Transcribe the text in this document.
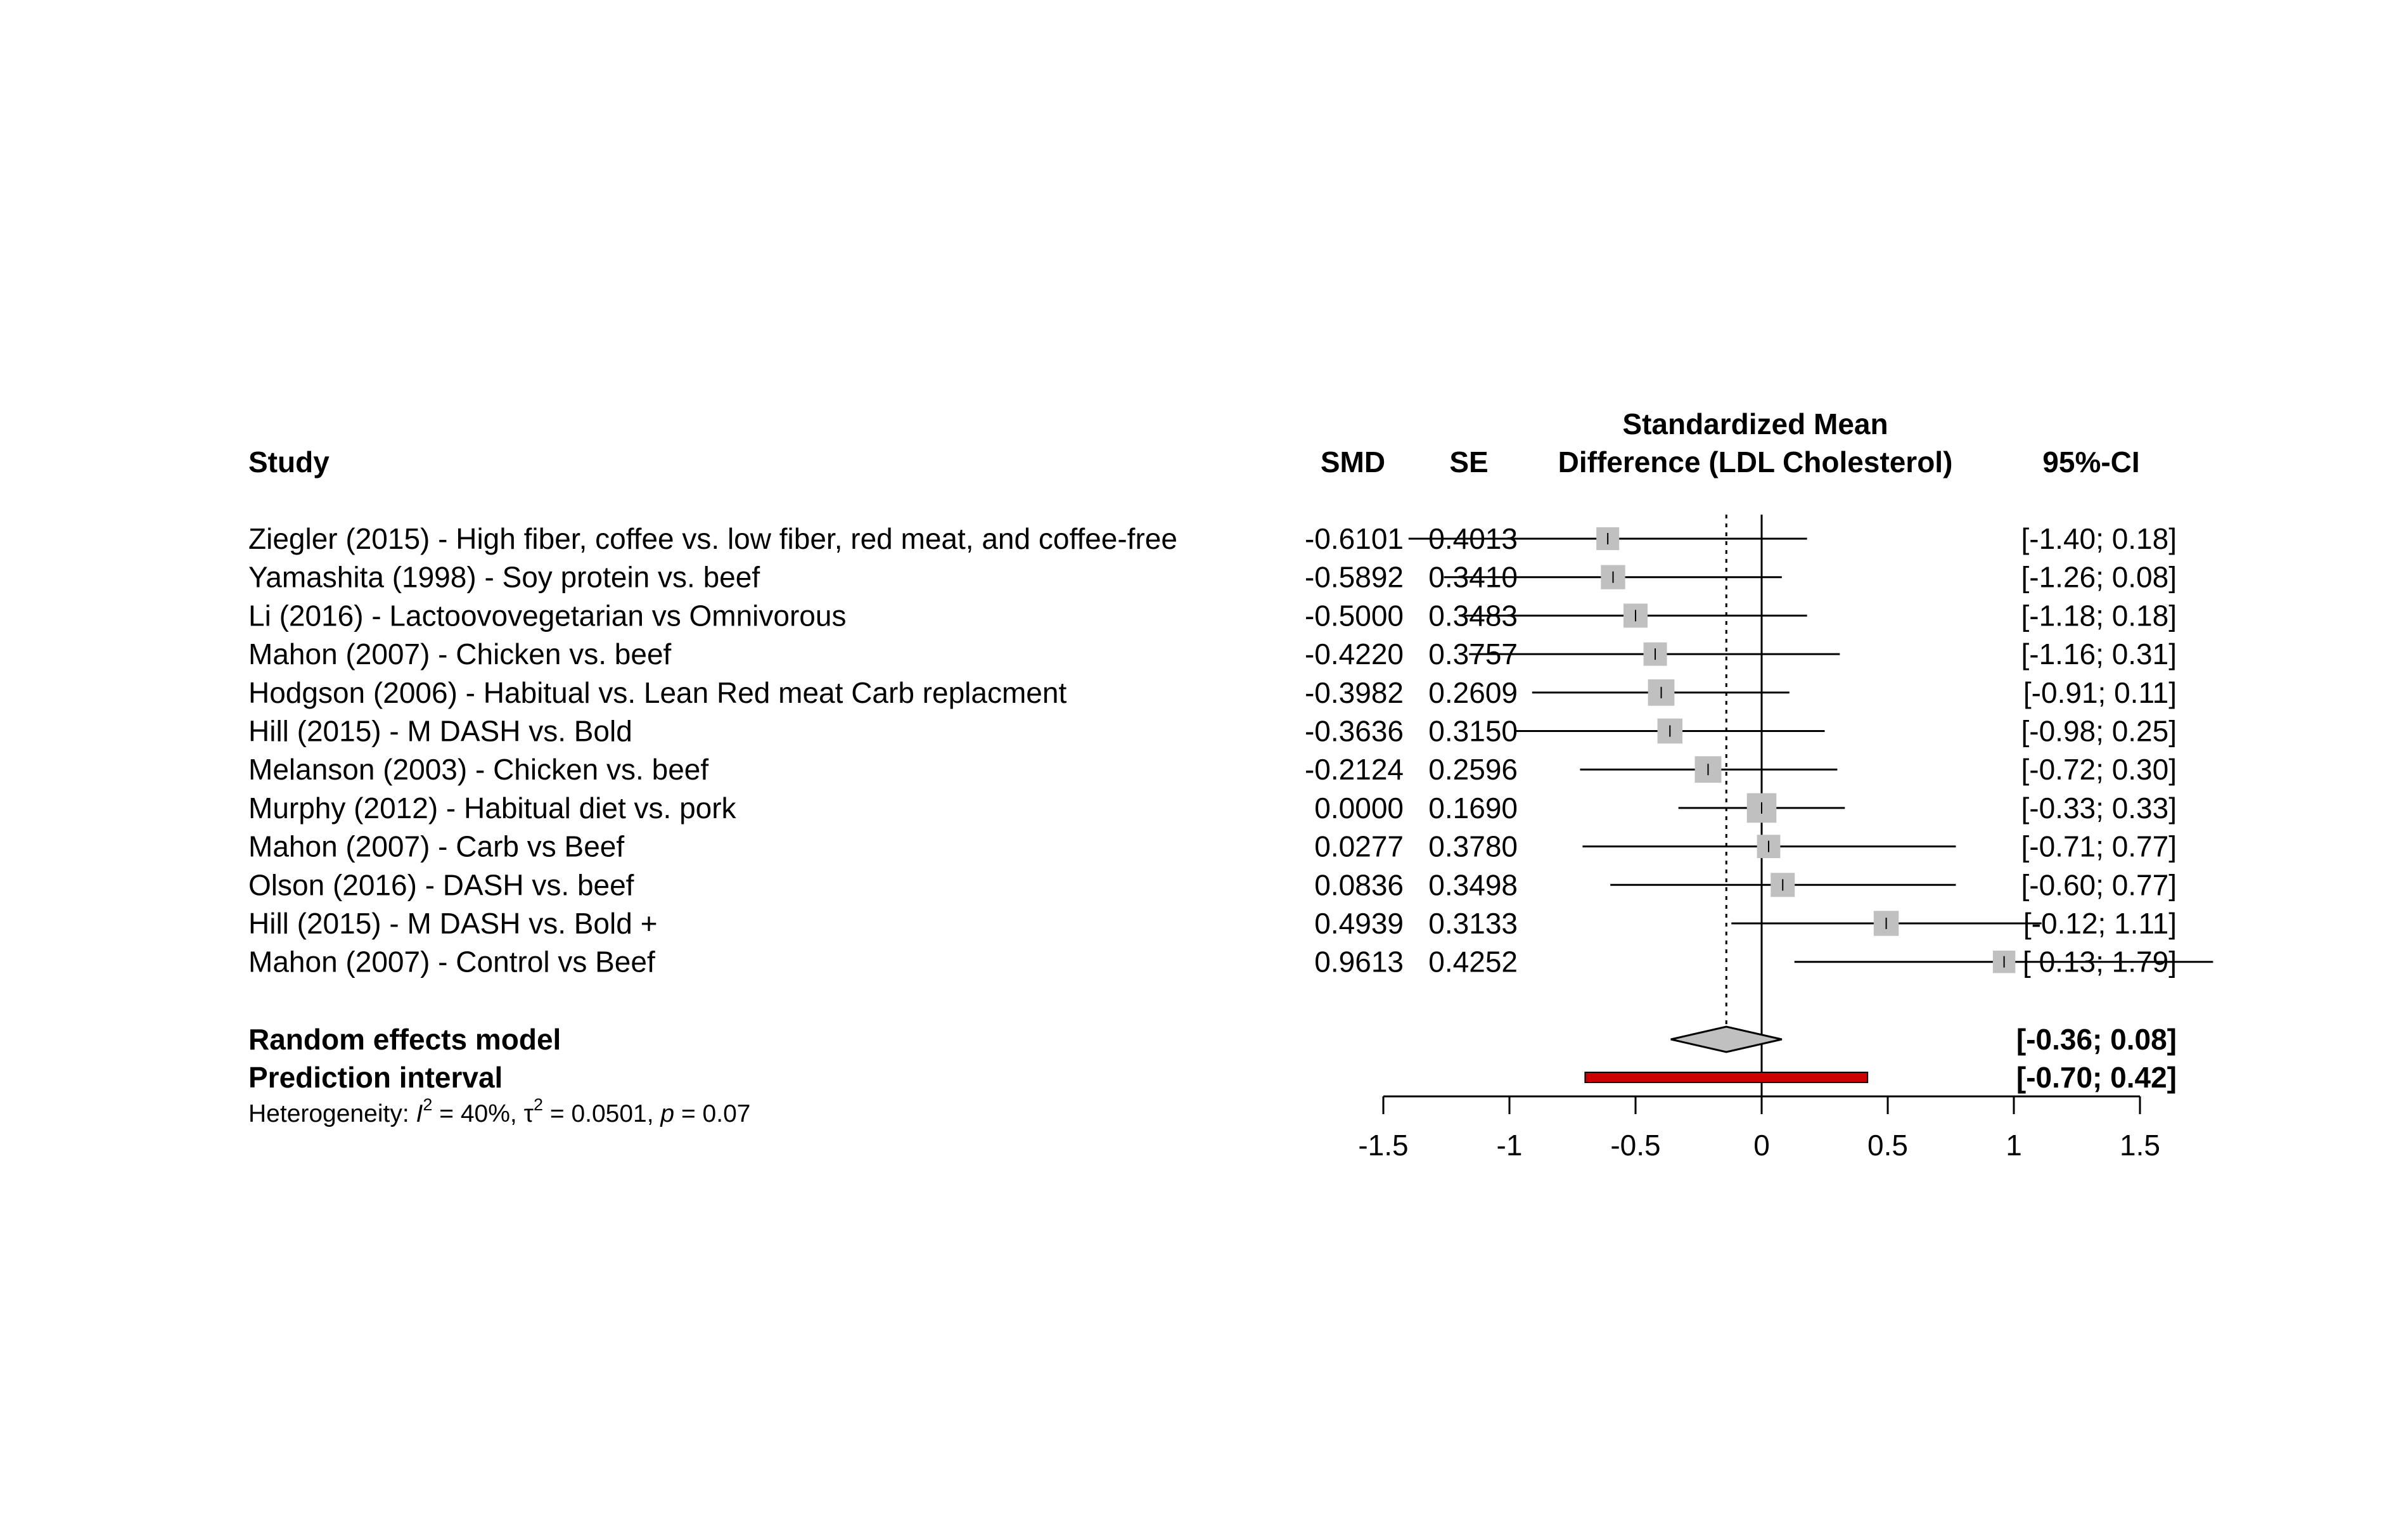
Study	SMD SE
Standardized Mean
Difference (LDL Cholesterol)	95%-CI
Ziegler (2015) - High fiber, coffee vs. low fiber, red meat, and coffee-free	-0.6101 0.4013	[-1.40; 0.18]
Yamashita (1998) - Soy protein vs. beef	-0.5892 0.3410	[-1.26; 0.08]
Li (2016) - Lactoovovegetarian vs Omnivorous	-0.5000 0.3483	[-1.18; 0.18]
Mahon (2007) - Chicken vs. beef	-0.4220 0.3757	[-1.16; 0.31]
Hodgson (2006) - Habitual vs. Lean Red meat Carb replacment	-0.3982 0.2609	[-0.91; 0.11]
Hill (2015) - M DASH vs. Bold	-0.3636 0.3150	[-0.98; 0.25]
Melanson (2003) - Chicken vs. beef	-0.2124 0.2596	[-0.72; 0.30]
Murphy (2012) - Habitual diet vs. pork	0.0000 0.1690	[-0.33; 0.33]
Mahon (2007) - Carb vs Beef	0.0277 0.3780	[-0.71; 0.77]
Olson (2016) - DASH vs. beef	0.0836 0.3498	[-0.60; 0.77]
Hill (2015) - M DASH vs. Bold +	0.4939 0.3133	[-0.12; 1.11]
Mahon (2007) - Control vs Beef	0.9613 0.4252	[ 0.13; 1.79]
Random effects model	[-0.36; 0.08]
Prediction interval	[-0.70; 0.42]
-1.5	-1	-0.5	0	0.5	1	1.5
Heterogeneity: $I^2 = 40\%$, $\tau^2 = 0.0501$, p = 0.07
